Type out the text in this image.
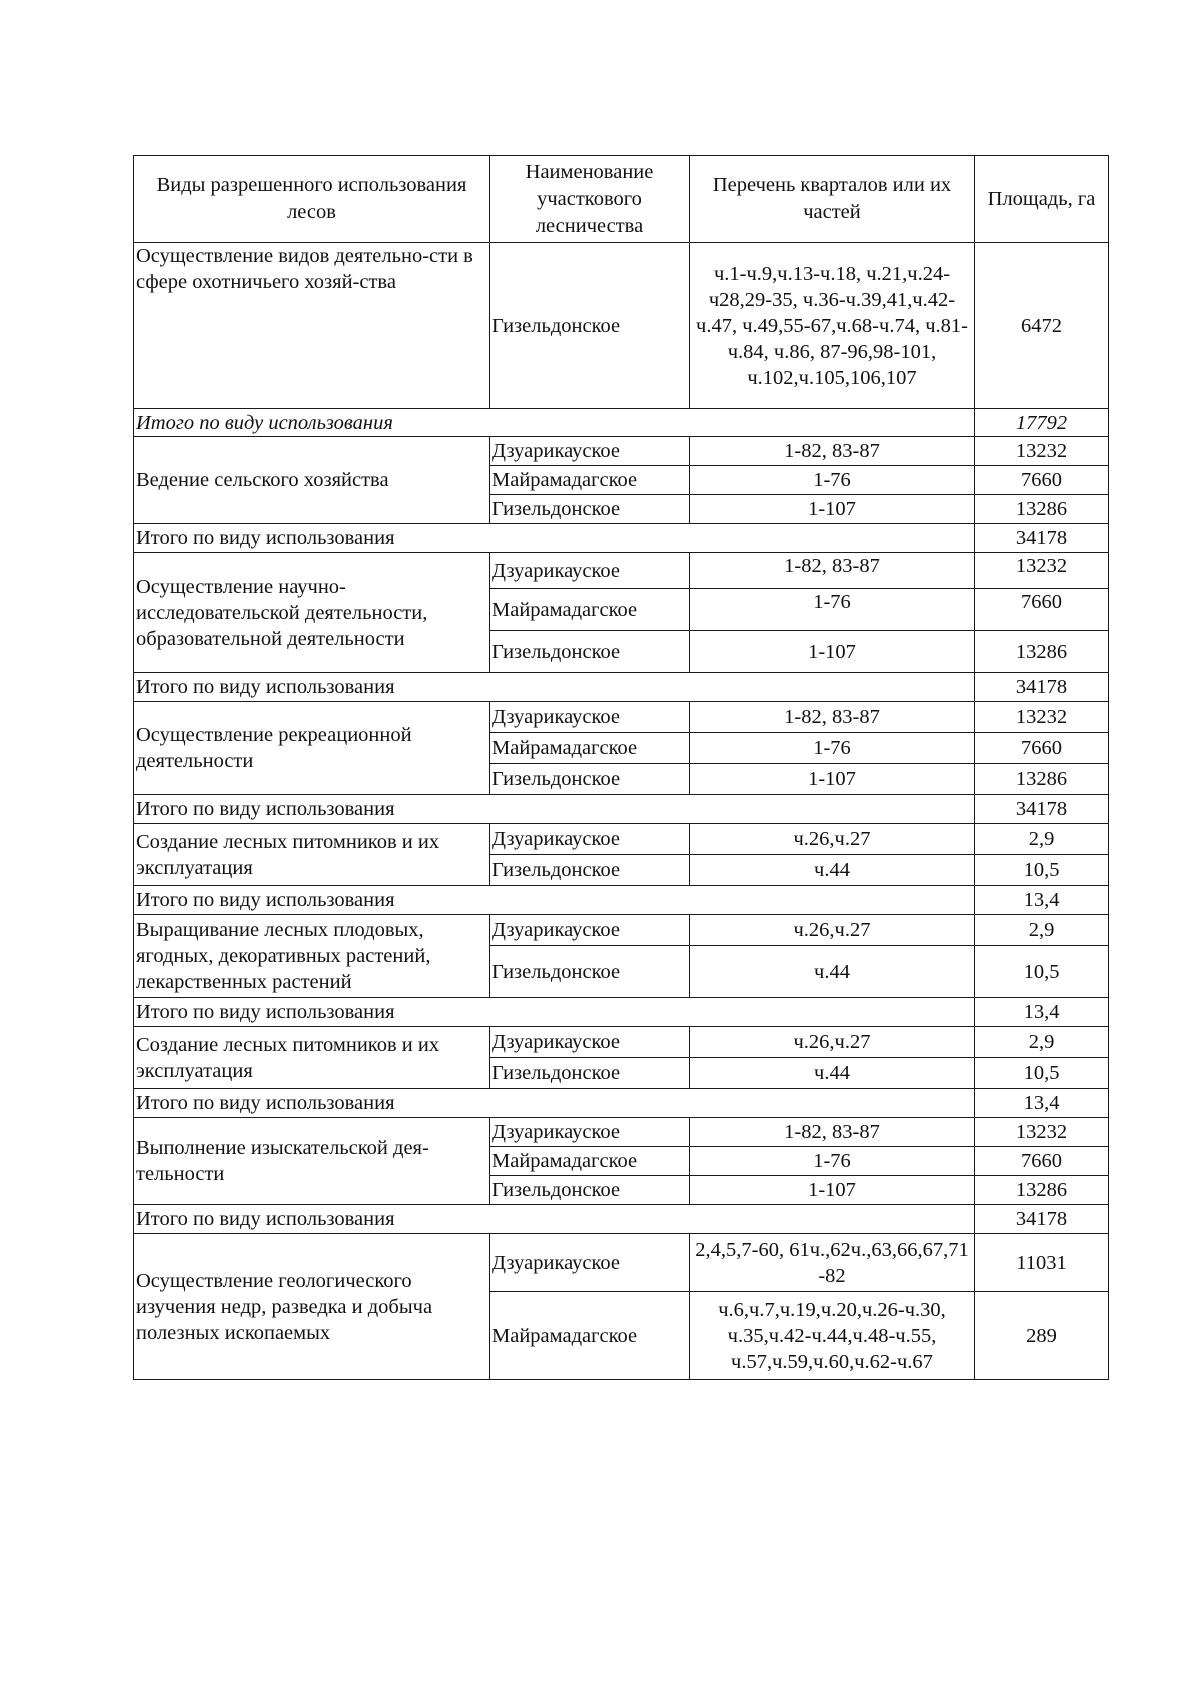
Виды разрешенного использования лесов	Наименование участкового лесничества	Перечень кварталов или их частей	Площадь, га
Осуществление видов деятельно-сти в сфере охотничьего хозяй-ства	Гизельдонское	ч.1-ч.9,ч.13-ч.18, ч.21,ч.24-ч28,29-35, ч.36-ч.39,41,ч.42-ч.47, ч.49,55-67,ч.68-ч.74, ч.81-ч.84, ч.86, 87-96,98-101, ч.102,ч.105,106,107	6472
Итого по виду использования			17792
Ведение сельского хозяйства	Дзуарикауское	1-82, 83-87	13232
	Майрамадагское	1-76	7660
	Гизельдонское	1-107	13286
Итого по виду использования			34178
Осуществление научно-исследовательской деятельности, образовательной деятельности	Дзуарикауское	1-82, 83-87	13232
	Майрамадагское	1-76	7660
	Гизельдонское	1-107	13286
Итого по виду использования			34178
Осуществление рекреационной деятельности	Дзуарикауское	1-82, 83-87	13232
	Майрамадагское	1-76	7660
	Гизельдонское	1-107	13286
Итого по виду использования			34178
Создание лесных питомников и их эксплуатация	Дзуарикауское	ч.26,ч.27	2,9
	Гизельдонское	ч.44	10,5
Итого по виду использования			13,4
Выращивание лесных плодовых, ягодных, декоративных растений, лекарственных растений	Дзуарикауское	ч.26,ч.27	2,9
	Гизельдонское	ч.44	10,5
Итого по виду использования			13,4
Создание лесных питомников и их эксплуатация	Дзуарикауское	ч.26,ч.27	2,9
	Гизельдонское	ч.44	10,5
Итого по виду использования			13,4
Выполнение изыскательской дея-тельности	Дзуарикауское	1-82, 83-87	13232
	Майрамадагское	1-76	7660
	Гизельдонское	1-107	13286
Итого по виду использования			34178
Осуществление геологического изучения недр, разведка и добыча полезных ископаемых	Дзуарикауское	2,4,5,7-60, 61ч.,62ч.,63,66,67,71 -82	11031
	Майрамадагское	ч.6,ч.7,ч.19,ч.20,ч.26-ч.30, ч.35,ч.42-ч.44,ч.48-ч.55, ч.57,ч.59,ч.60,ч.62-ч.67	289
